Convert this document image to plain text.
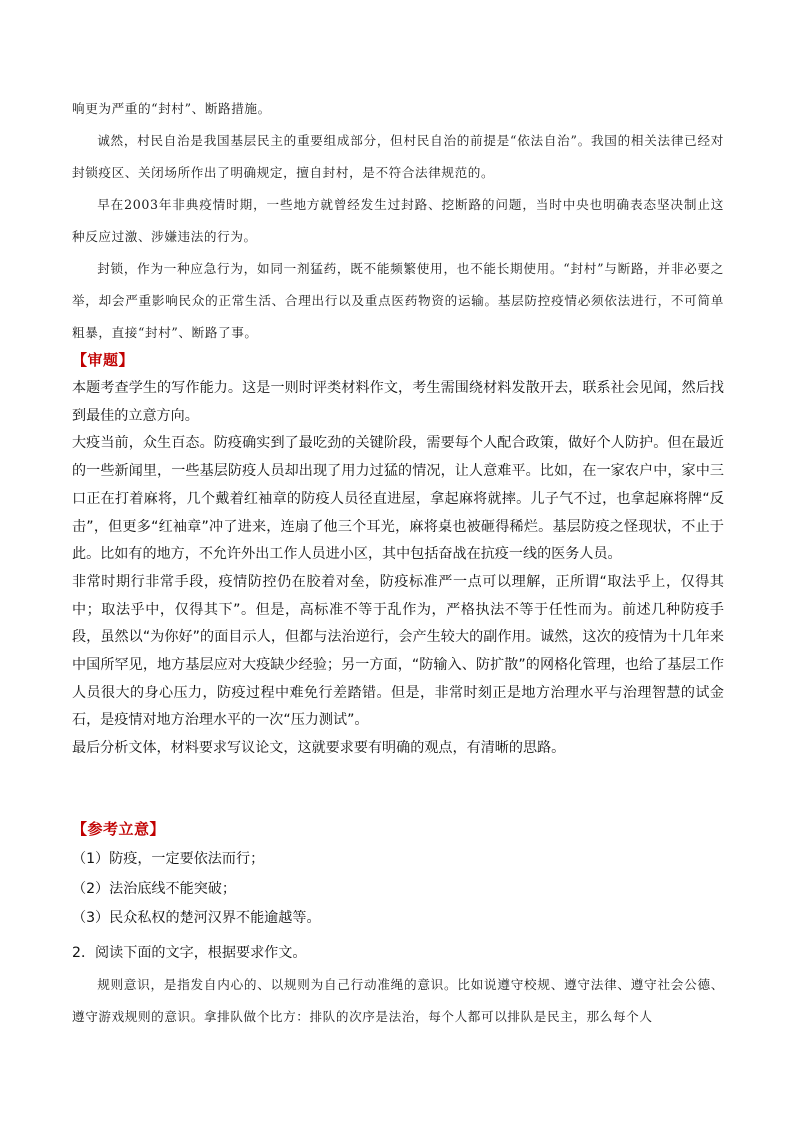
响更为严重的“封村”、断路措施。

诚然，村民自治是我国基层民主的重要组成部分，但村民自治的前提是“依法自治”。我国的相关法律已经对封锁疫区、关闭场所作出了明确规定，擅自封村，是不符合法律规范的。

早在2003年非典疫情时期，一些地方就曾经发生过封路、挖断路的问题，当时中央也明确表态坚决制止这种反应过激、涉嫌违法的行为。

封锁，作为一种应急行为，如同一剂猛药，既不能频繁使用，也不能长期使用。“封村”与断路，并非必要之举，却会严重影响民众的正常生活、合理出行以及重点医药物资的运输。基层防控疫情必须依法进行，不可简单粗暴，直接“封村”、断路了事。

【审题】

本题考查学生的写作能力。这是一则时评类材料作文，考生需围绕材料发散开去，联系社会见闻，然后找到最佳的立意方向。

大疫当前，众生百态。防疫确实到了最吃劲的关键阶段，需要每个人配合政策，做好个人防护。但在最近的一些新闻里，一些基层防疫人员却出现了用力过猛的情况，让人意难平。比如，在一家农户中，家中三口正在打着麻将，几个戴着红袖章的防疫人员径直进屋，拿起麻将就摔。儿子气不过，也拿起麻将牌“反击”，但更多“红袖章”冲了进来，连扇了他三个耳光，麻将桌也被砸得稀烂。基层防疫之怪现状，不止于此。比如有的地方，不允许外出工作人员进小区，其中包括奋战在抗疫一线的医务人员。

非常时期行非常手段，疫情防控仍在胶着对垒，防疫标准严一点可以理解，正所谓“取法乎上，仅得其中；取法乎中，仅得其下”。但是，高标准不等于乱作为，严格执法不等于任性而为。前述几种防疫手段，虽然以“为你好”的面目示人，但都与法治逆行，会产生较大的副作用。诚然，这次的疫情为十几年来中国所罕见，地方基层应对大疫缺少经验；另一方面，“防输入、防扩散”的网格化管理，也给了基层工作人员很大的身心压力，防疫过程中难免行差踏错。但是，非常时刻正是地方治理水平与治理智慧的试金石，是疫情对地方治理水平的一次“压力测试”。

最后分析文体，材料要求写议论文，这就要求要有明确的观点，有清晰的思路。

【参考立意】

（1）防疫，一定要依法而行；

（2）法治底线不能突破；

（3）民众私权的楚河汉界不能逾越等。

2．阅读下面的文字，根据要求作文。

规则意识，是指发自内心的、以规则为自己行动准绳的意识。比如说遵守校规、遵守法律、遵守社会公德、遵守游戏规则的意识。拿排队做个比方：排队的次序是法治，每个人都可以排队是民主，那么每个人
